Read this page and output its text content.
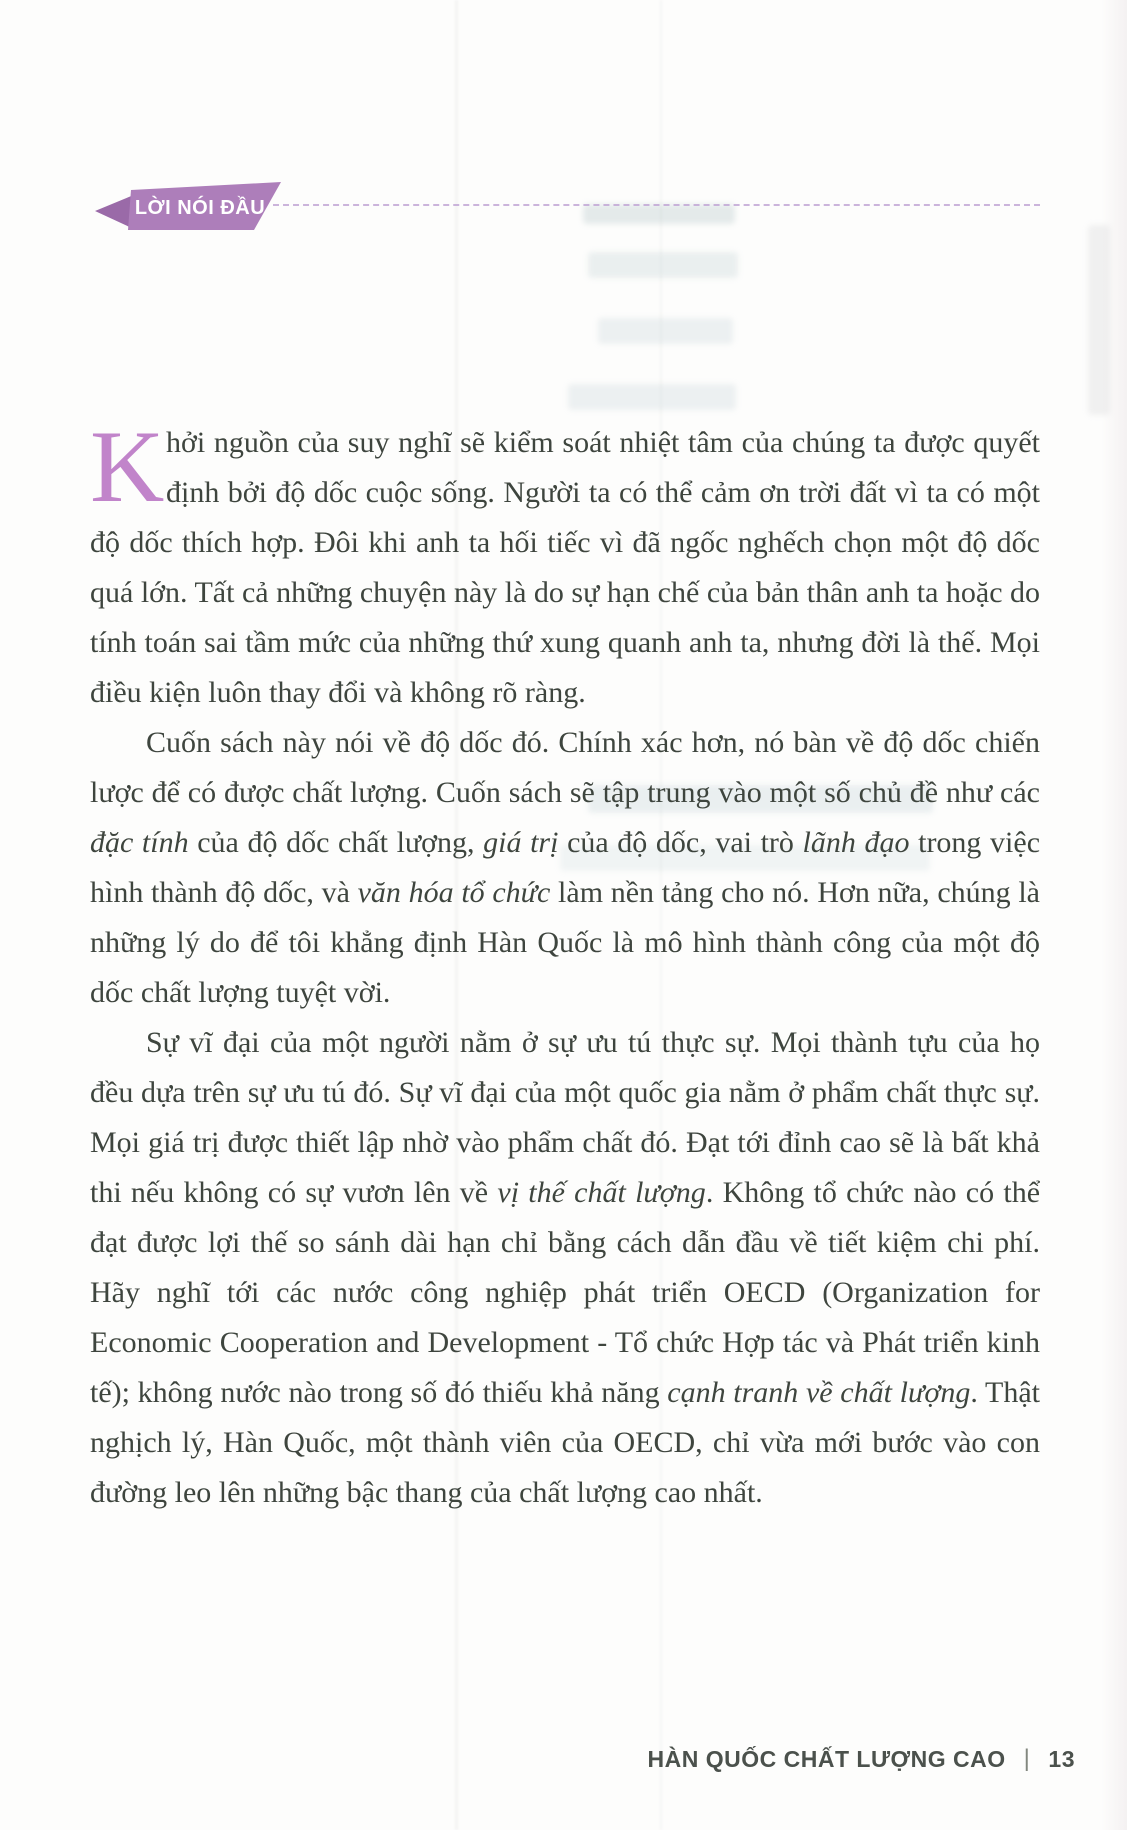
LỜI NÓI ĐẦU

Khởi nguồn của suy nghĩ sẽ kiểm soát nhiệt tâm của chúng ta được quyết định bởi độ dốc cuộc sống. Người ta có thể cảm ơn trời đất vì ta có một độ dốc thích hợp. Đôi khi anh ta hối tiếc vì đã ngốc nghếch chọn một độ dốc quá lớn. Tất cả những chuyện này là do sự hạn chế của bản thân anh ta hoặc do tính toán sai tầm mức của những thứ xung quanh anh ta, nhưng đời là thế. Mọi điều kiện luôn thay đổi và không rõ ràng.

Cuốn sách này nói về độ dốc đó. Chính xác hơn, nó bàn về độ dốc chiến lược để có được chất lượng. Cuốn sách sẽ tập trung vào một số chủ đề như các đặc tính của độ dốc chất lượng, giá trị của độ dốc, vai trò lãnh đạo trong việc hình thành độ dốc, và văn hóa tổ chức làm nền tảng cho nó. Hơn nữa, chúng là những lý do để tôi khẳng định Hàn Quốc là mô hình thành công của một độ dốc chất lượng tuyệt vời.

Sự vĩ đại của một người nằm ở sự ưu tú thực sự. Mọi thành tựu của họ đều dựa trên sự ưu tú đó. Sự vĩ đại của một quốc gia nằm ở phẩm chất thực sự. Mọi giá trị được thiết lập nhờ vào phẩm chất đó. Đạt tới đỉnh cao sẽ là bất khả thi nếu không có sự vươn lên về vị thế chất lượng. Không tổ chức nào có thể đạt được lợi thế so sánh dài hạn chỉ bằng cách dẫn đầu về tiết kiệm chi phí. Hãy nghĩ tới các nước công nghiệp phát triển OECD (Organization for Economic Cooperation and Development - Tổ chức Hợp tác và Phát triển kinh tế); không nước nào trong số đó thiếu khả năng cạnh tranh về chất lượng. Thật nghịch lý, Hàn Quốc, một thành viên của OECD, chỉ vừa mới bước vào con đường leo lên những bậc thang của chất lượng cao nhất.

HÀN QUỐC CHẤT LƯỢNG CAO | 13
